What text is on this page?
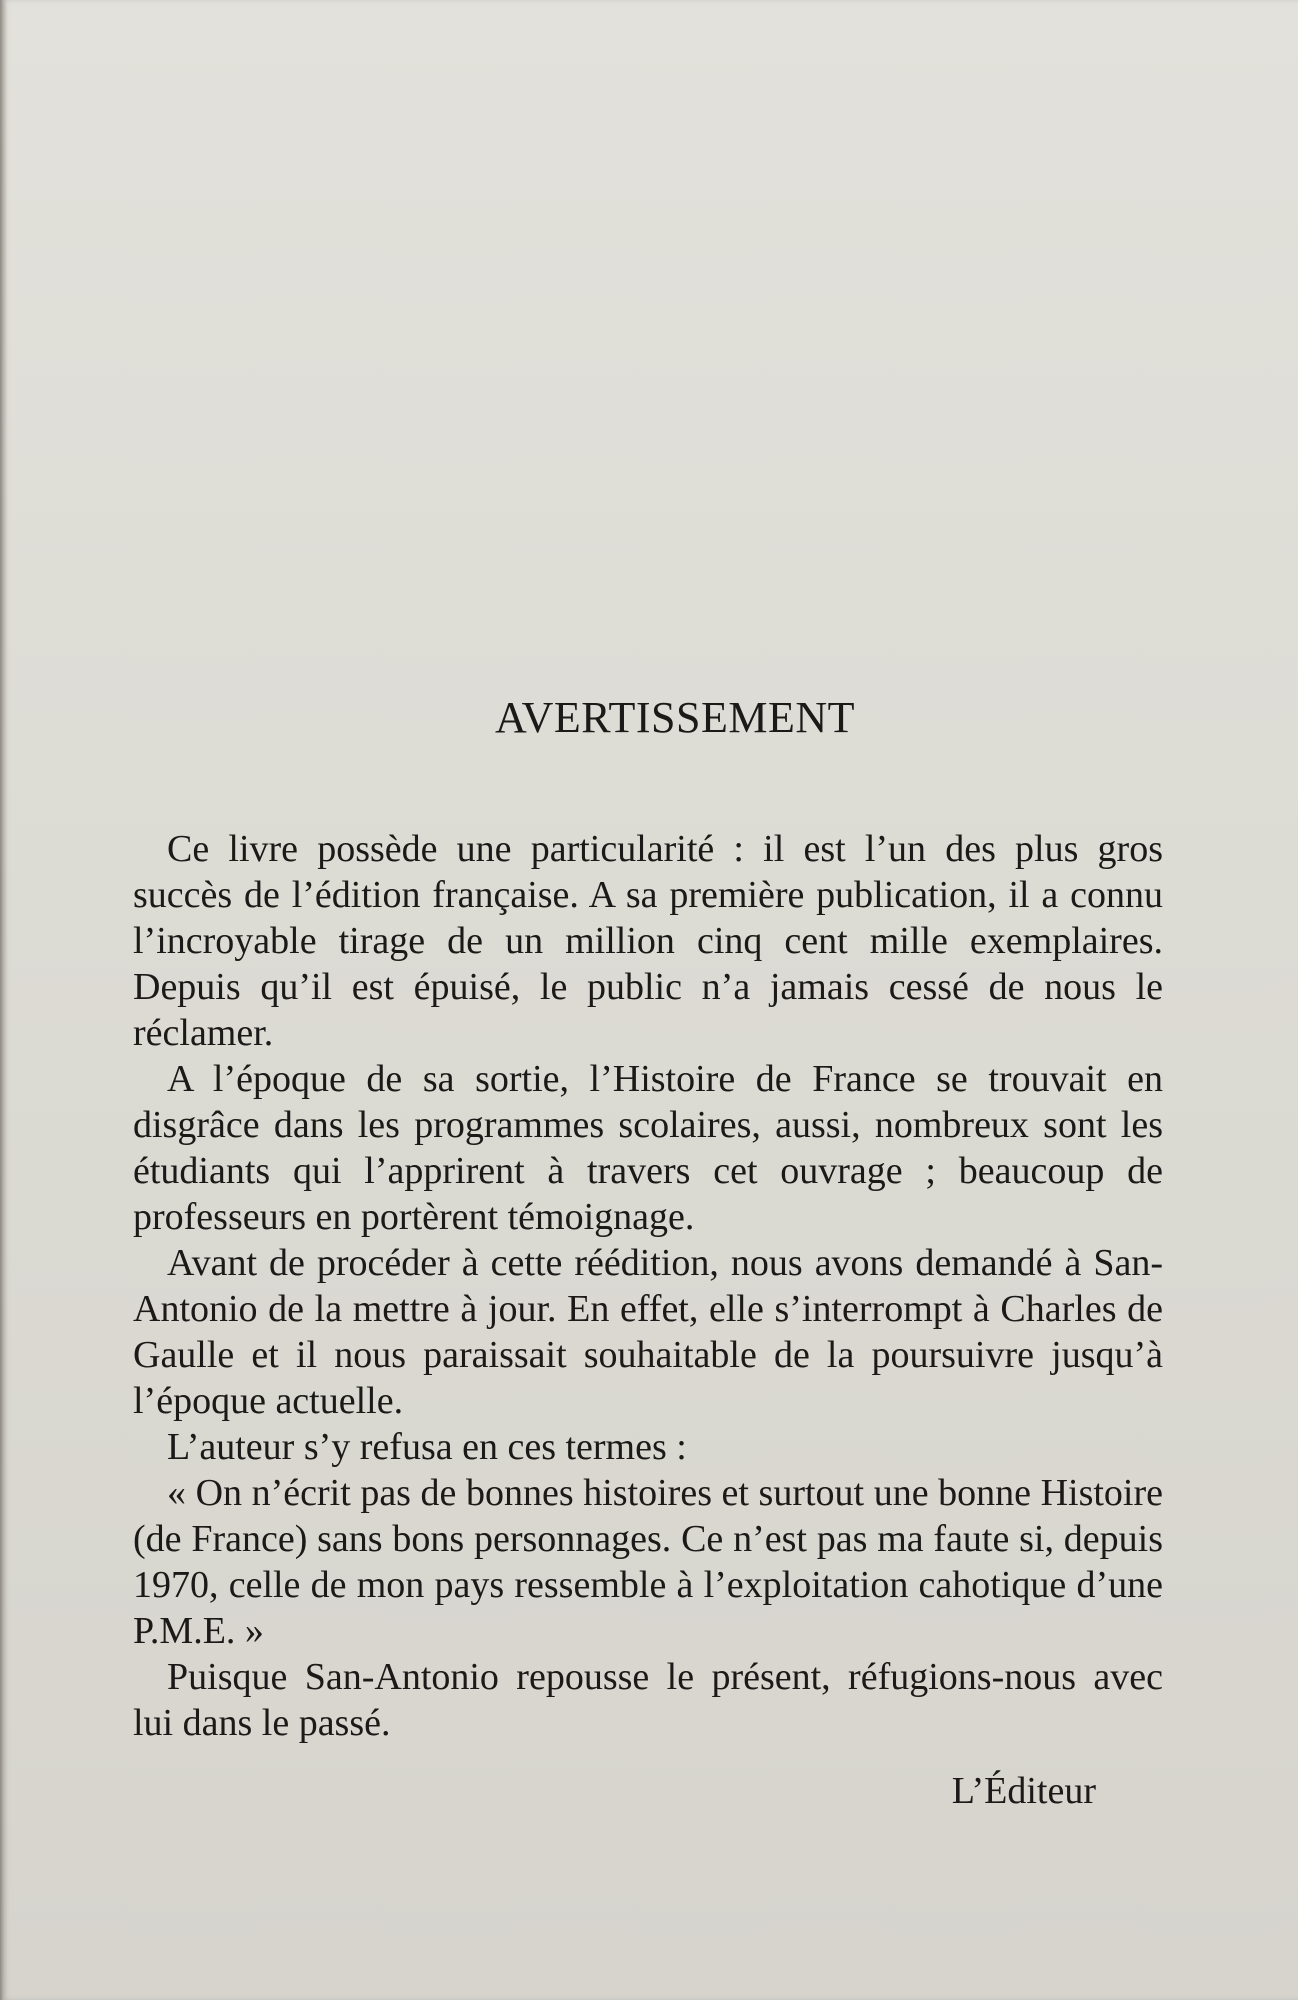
AVERTISSEMENT

Ce livre possède une particularité : il est l’un des plus gros succès de l’édition française. A sa première publication, il a connu l’incroyable tirage de un million cinq cent mille exemplaires. Depuis qu’il est épuisé, le public n’a jamais cessé de nous le réclamer.

A l’époque de sa sortie, l’Histoire de France se trouvait en disgrâce dans les programmes scolaires, aussi, nombreux sont les étudiants qui l’apprirent à travers cet ouvrage ; beaucoup de professeurs en portèrent témoignage.

Avant de procéder à cette réédition, nous avons demandé à San-Antonio de la mettre à jour. En effet, elle s’interrompt à Charles de Gaulle et il nous paraissait souhaitable de la poursuivre jusqu’à l’époque actuelle.

L’auteur s’y refusa en ces termes :

« On n’écrit pas de bonnes histoires et surtout une bonne Histoire (de France) sans bons personnages. Ce n’est pas ma faute si, depuis 1970, celle de mon pays ressemble à l’exploitation cahotique d’une P.M.E. »

Puisque San-Antonio repousse le présent, réfugions-nous avec lui dans le passé.

L’Éditeur
